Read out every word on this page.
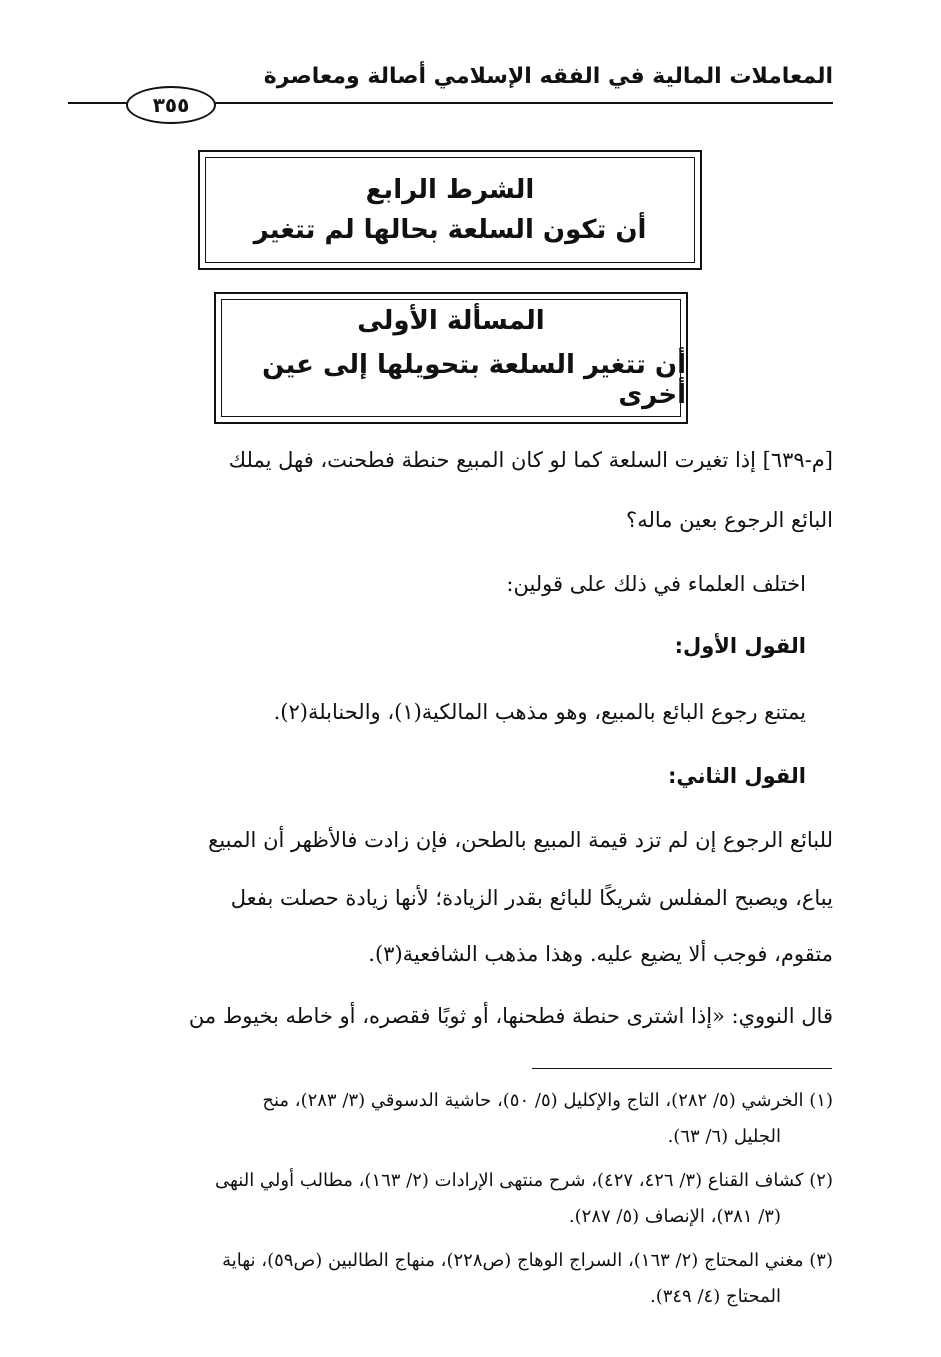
المعاملات المالية في الفقه الإسلامي أصالة ومعاصرة
٣٥٥
الشرط الرابع
أن تكون السلعة بحالها لم تتغير
المسألة الأولى
أن تتغير السلعة بتحويلها إلى عين أخرى
[م-٦٣٩] إذا تغيرت السلعة كما لو كان المبيع حنطة فطحنت، فهل يملك
البائع الرجوع بعين ماله؟
اختلف العلماء في ذلك على قولين:
القول الأول:
يمتنع رجوع البائع بالمبيع، وهو مذهب المالكية(١)، والحنابلة(٢).
القول الثاني:
للبائع الرجوع إن لم تزد قيمة المبيع بالطحن، فإن زادت فالأظهر أن المبيع
يباع، ويصبح المفلس شريكًا للبائع بقدر الزيادة؛ لأنها زيادة حصلت بفعل
متقوم، فوجب ألا يضيع عليه. وهذا مذهب الشافعية(٣).
قال النووي: «إذا اشترى حنطة فطحنها، أو ثوبًا فقصره، أو خاطه بخيوط من
(١) الخرشي (٥/ ٢٨٢)، التاج والإكليل (٥/ ٥٠)، حاشية الدسوقي (٣/ ٢٨٣)، منح
الجليل (٦/ ٦٣).
(٢) كشاف القناع (٣/ ٤٢٦، ٤٢٧)، شرح منتهى الإرادات (٢/ ١٦٣)، مطالب أولي النهى
(٣/ ٣٨١)، الإنصاف (٥/ ٢٨٧).
(٣) مغني المحتاج (٢/ ١٦٣)، السراج الوهاج (ص٢٢٨)، منهاج الطالبين (ص٥٩)، نهاية
المحتاج (٤/ ٣٤٩).
